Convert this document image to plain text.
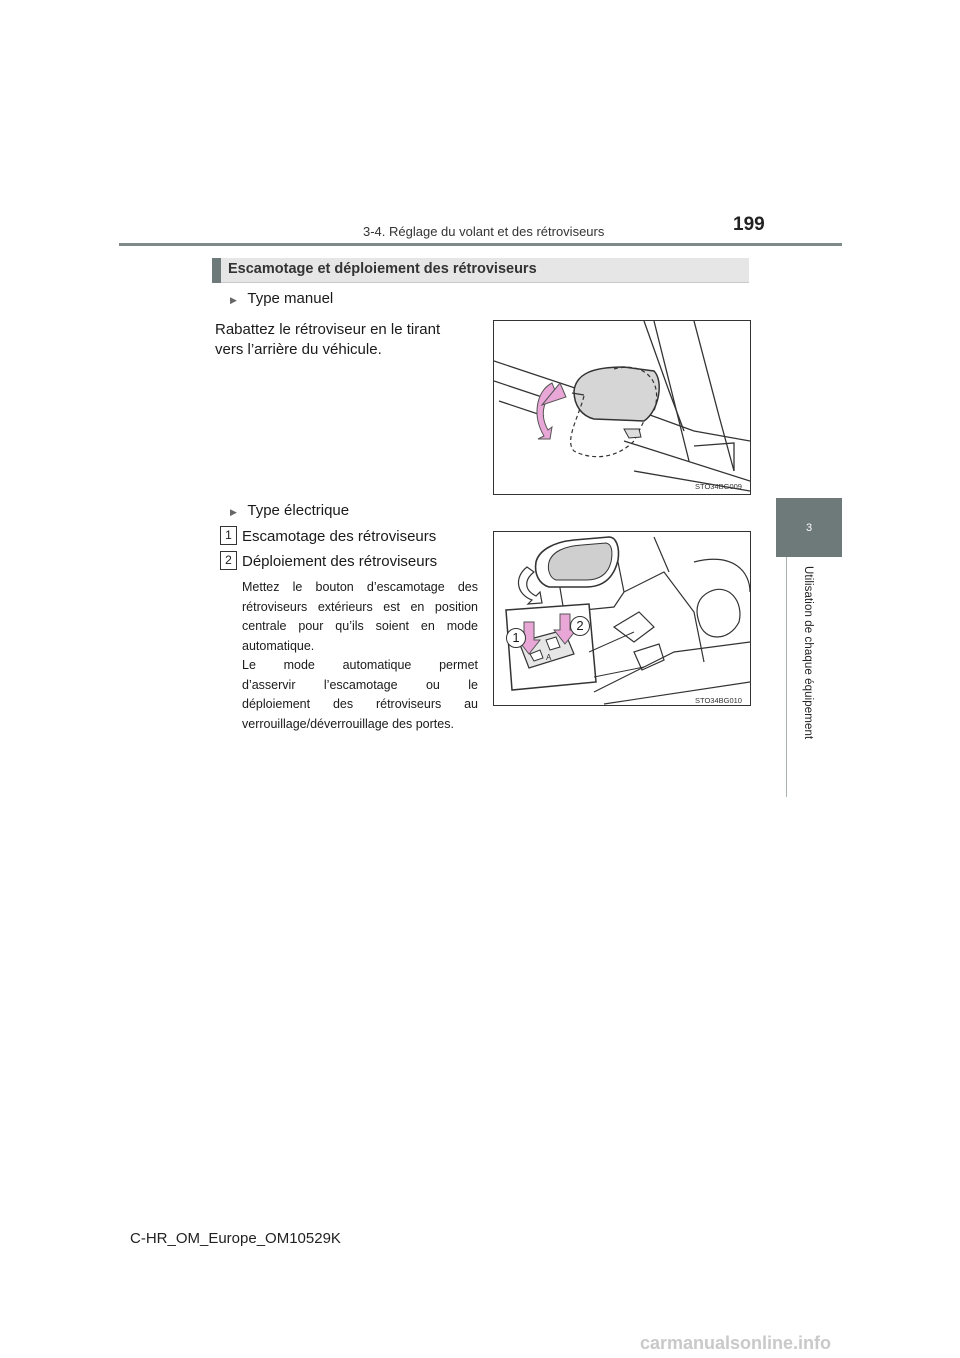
3-4. Réglage du volant et des rétroviseurs	199
3
Utilisation de chaque équipement
Escamotage et déploiement des rétroviseurs
▶ Type manuel
Rabattez le rétroviseur en le tirant
vers l’arrière du véhicule.
STO34BG009
▶ Type électrique
1 Escamotage des rétroviseurs
2 Déploiement des rétroviseurs
Mettez le bouton d’escamotage des
rétroviseurs extérieurs est en position
centrale pour qu’ils soient en mode
automatique.
Le mode automatique permet
d’asservir l’escamotage ou le
déploiement des rétroviseurs au
verrouillage/déverrouillage des portes.
1
2
A
STO34BG010
C-HR_OM_Europe_OM10529K
carmanualsonline.info
